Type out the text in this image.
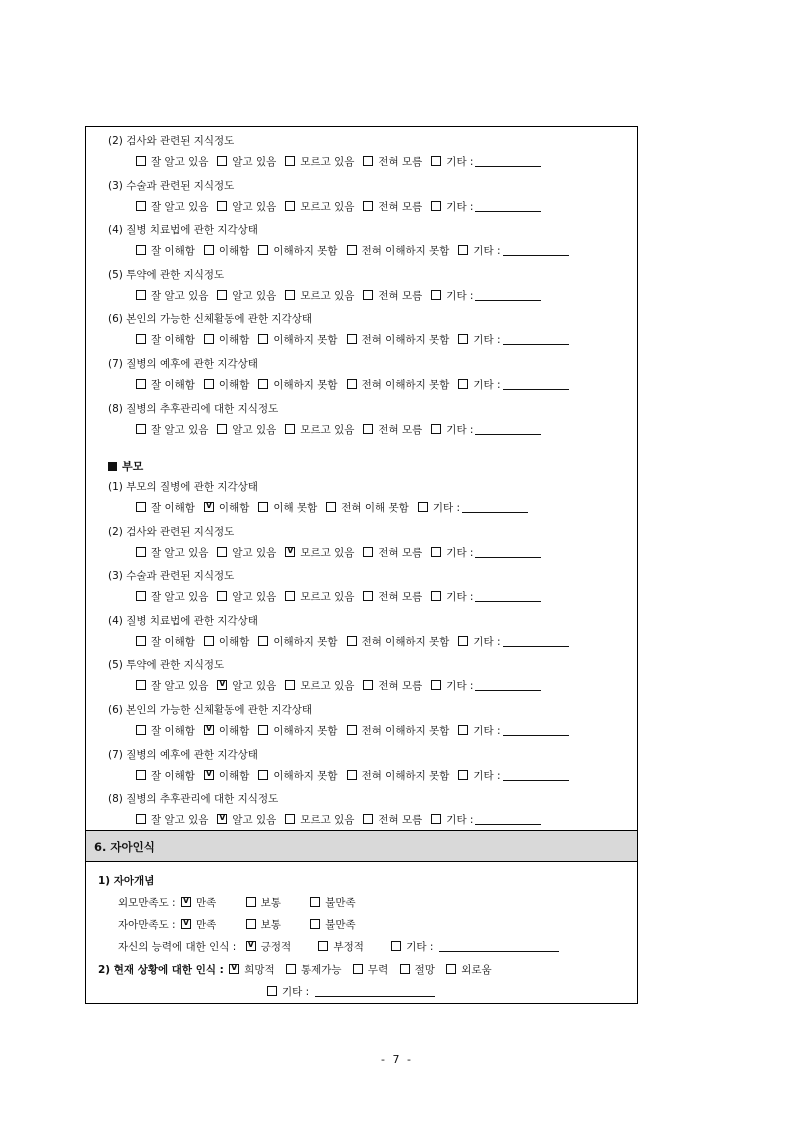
(2) 검사와 관련된 지식정도
잘 알고 있음 알고 있음 모르고 있음 전혀 모름 기타 :
(3) 수술과 관련된 지식정도
잘 알고 있음 알고 있음 모르고 있음 전혀 모름 기타 :
(4) 질병 치료법에 관한 지각상태
잘 이해함 이해함 이해하지 못함 전혀 이해하지 못함 기타 :
(5) 투약에 관한 지식정도
잘 알고 있음 알고 있음 모르고 있음 전혀 모름 기타 :
(6) 본인의 가능한 신체활동에 관한 지각상태
잘 이해함 이해함 이해하지 못함 전혀 이해하지 못함 기타 :
(7) 질병의 예후에 관한 지각상태
잘 이해함 이해함 이해하지 못함 전혀 이해하지 못함 기타 :
(8) 질병의 추후관리에 대한 지식정도
잘 알고 있음 알고 있음 모르고 있음 전혀 모름 기타 :
부모
(1) 부모의 질병에 관한 지각상태
잘 이해함 V 이해함 이해 못함 전혀 이해 못함 기타 :
(2) 검사와 관련된 지식정도
잘 알고 있음 알고 있음 V 모르고 있음 전혀 모름 기타 :
(3) 수술과 관련된 지식정도
잘 알고 있음 알고 있음 모르고 있음 전혀 모름 기타 :
(4) 질병 치료법에 관한 지각상태
잘 이해함 이해함 이해하지 못함 전혀 이해하지 못함 기타 :
(5) 투약에 관한 지식정도
잘 알고 있음 V 알고 있음 모르고 있음 전혀 모름 기타 :
(6) 본인의 가능한 신체활동에 관한 지각상태
잘 이해함 V 이해함 이해하지 못함 전혀 이해하지 못함 기타 :
(7) 질병의 예후에 관한 지각상태
잘 이해함 V 이해함 이해하지 못함 전혀 이해하지 못함 기타 :
(8) 질병의 추후관리에 대한 지식정도
잘 알고 있음 V 알고 있음 모르고 있음 전혀 모름 기타 :
6. 자아인식
1) 자아개념
외모만족도 : V 만족	보통	불만족
자아만족도 : V 만족	보통	불만족
자신의 능력에 대한 인식 : V 긍정적	부정적	기타 :
2) 현재 상황에 대한 인식 : V 희망적	통제가능	무력	절망	외로움
기타 :
- 7 -
